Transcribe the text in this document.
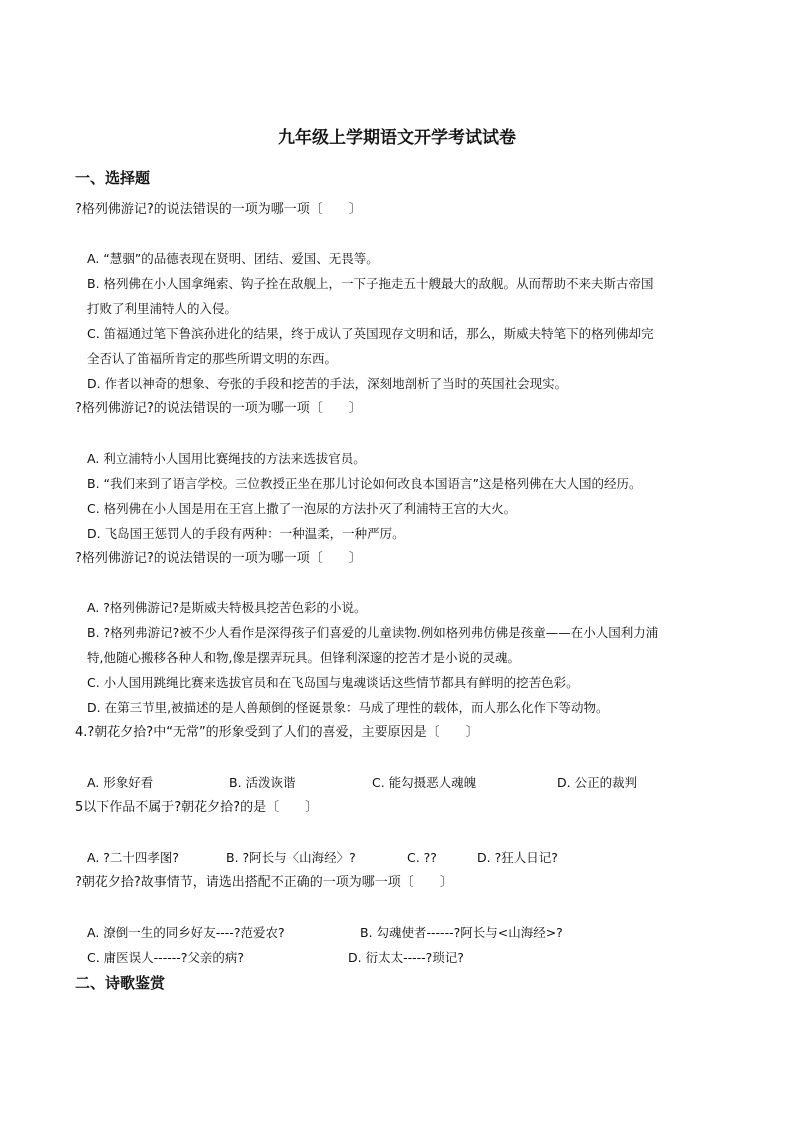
九年级上学期语文开学考试试卷
一、选择题
?格列佛游记?的说法错误的一项为哪一项〔　　〕
A. “慧骃”的品德表现在贤明、团结、爱国、无畏等。
B. 格列佛在小人国拿绳索、钩子拴在敌舰上，一下子拖走五十艘最大的敌舰。从而帮助不来夫斯古帝国
打败了利里浦特人的入侵。
C. 笛福通过笔下鲁滨孙进化的结果，终于成认了英国现存文明和话，那么，斯威夫特笔下的格列佛却完
全否认了笛福所肯定的那些所谓文明的东西。
D. 作者以神奇的想象、夸张的手段和挖苦的手法，深刻地剖析了当时的英国社会现实。
?格列佛游记?的说法错误的一项为哪一项〔　　〕
A. 利立浦特小人国用比赛绳技的方法来选拔官员。
B. “我们来到了语言学校。三位教授正坐在那儿讨论如何改良本国语言”这是格列佛在大人国的经历。
C. 格列佛在小人国是用在王宫上撒了一泡尿的方法扑灭了利浦特王宫的大火。
D. 飞岛国王惩罚人的手段有两种：一种温柔，一种严厉。
?格列佛游记?的说法错误的一项为哪一项〔　　〕
A. ?格列佛游记?是斯威夫特极具挖苦色彩的小说。
B. ?格列弗游记?被不少人看作是深得孩子们喜爱的儿童读物.例如格列弗仿佛是孩童——在小人国利力浦
特,他随心搬移各种人和物,像是摆弄玩具。但锋利深邃的挖苦才是小说的灵魂。
C. 小人国用跳绳比赛来选拔官员和在飞岛国与鬼魂谈话这些情节都具有鲜明的挖苦色彩。
D. 在第三节里,被描述的是人兽颠倒的怪诞景象：马成了理性的载体，而人那么化作下等动物。
4.?朝花夕拾?中“无常”的形象受到了人们的喜爱，主要原因是〔　　〕
A. 形象好看	B. 活泼诙谐	C. 能勾摄恶人魂魄	D. 公正的裁判
5以下作品不属于?朝花夕拾?的是〔　　〕
A. ?二十四孝图?	B. ?阿长与〈山海经〉?	C. ??	D. ?狂人日记?
?朝花夕拾?故事情节，请选出搭配不正确的一项为哪一项〔　　〕
A. 潦倒一生的同乡好友----?范爱农?	B. 勾魂使者------?阿长与<山海经>?
C. 庸医误人------?父亲的病?	D. 衍太太-----?琐记?
二、诗歌鉴赏
